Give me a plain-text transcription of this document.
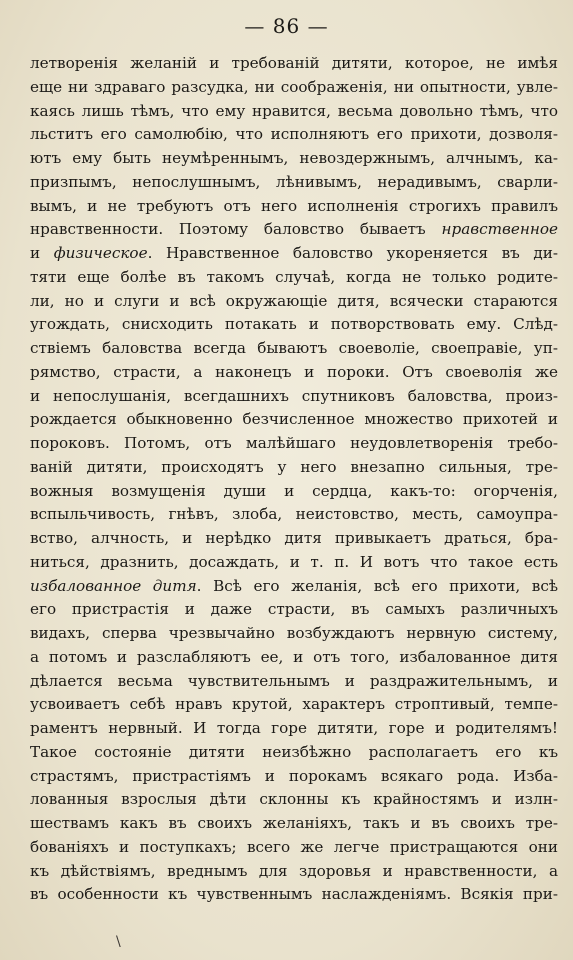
— 86 —
летворенія желаній и требованій дитяти, которое, не имѣя
еще ни здраваго разсудка, ни соображенія, ни опытности, увле-
каясь лишь тѣмъ, что ему нравится, весьма довольно тѣмъ, что
льститъ его самолюбію, что исполняютъ его прихоти, дозволя-
ютъ ему быть неумѣреннымъ, невоздержнымъ, алчнымъ, ка-
призпымъ, непослушнымъ, лѣнивымъ, нерадивымъ, сварли-
вымъ, и не требуютъ отъ него исполненія строгихъ правилъ
нравственности. Поэтому баловство бываетъ нравственное
и физическое. Нравственное баловство укореняется въ ди-
тяти еще болѣе въ такомъ случаѣ, когда не только родите-
ли, но и слуги и всѣ окружающіе дитя, всячески стараются
угождать, снисходить потакать и потворствовать ему. Слѣд-
ствіемъ баловства всегда бываютъ своеволіе, своеправіе, уп-
рямство, страсти, а наконецъ и пороки. Отъ своеволія же
и непослушанія, всегдашнихъ спутниковъ баловства, произ-
рождается обыкновенно безчисленное множество прихотей и
пороковъ. Потомъ, отъ малѣйшаго неудовлетворенія требо-
ваній дитяти, происходятъ у него внезапно сильныя, тре-
вожныя возмущенія души и сердца, какъ-то: огорченія,
вспыльчивость, гнѣвъ, злоба, неистовство, месть, самоупра-
вство, алчность, и нерѣдко дитя привыкаетъ драться, бра-
ниться, дразнить, досаждать, и т. п. И вотъ что такое есть
избалованное дитя. Всѣ его желанія, всѣ его прихоти, всѣ
его пристрастія и даже страсти, въ самыхъ различныхъ
видахъ, сперва чрезвычайно возбуждаютъ нервную систему,
а потомъ и разслабляютъ ее, и отъ того, избалованное дитя
дѣлается весьма чувствительнымъ и раздражительнымъ, и
усвоиваетъ себѣ нравъ крутой, характеръ строптивый, темпе-
раментъ нервный. И тогда горе дитяти, горе и родителямъ!
Такое состояніе дитяти неизбѣжно располагаетъ его къ
страстямъ, пристрастіямъ и порокамъ всякаго рода. Изба-
лованныя взрослыя дѣти склонны къ крайностямъ и излн-
шествамъ какъ въ своихъ желаніяхъ, такъ и въ своихъ тре-
бованіяхъ и поступкахъ; всего же легче пристращаются они
къ дѣйствіямъ, вреднымъ для здоровья и нравственности, а
въ особенности къ чувственнымъ наслажденіямъ. Всякія при-
\
